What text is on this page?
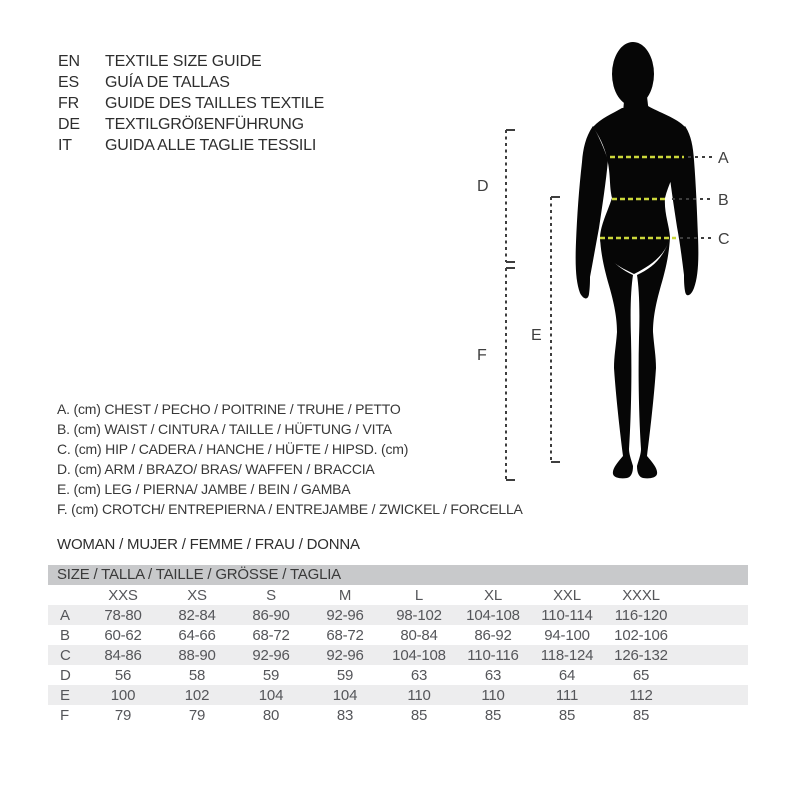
EN	TEXTILE SIZE GUIDE
ES	GUÍA DE TALLAS
FR	GUIDE DES TAILLES TEXTILE
DE	TEXTILGRÖßENFÜHRUNG
IT	GUIDA ALLE TAGLIE TESSILI
A
B
C
D
F
E
A. (cm) CHEST / PECHO / POITRINE / TRUHE / PETTO
B. (cm) WAIST / CINTURA / TAILLE / HÜFTUNG / VITA
C. (cm) HIP / CADERA / HANCHE / HÜFTE / HIPSD. (cm)
D. (cm) ARM / BRAZO/ BRAS/ WAFFEN / BRACCIA
E. (cm) LEG / PIERNA/ JAMBE / BEIN / GAMBA
F. (cm) CROTCH/ ENTREPIERNA / ENTREJAMBE / ZWICKEL / FORCELLA
WOMAN / MUJER / FEMME / FRAU / DONNA
SIZE / TALLA / TAILLE / GRÖSSE / TAGLIA
	XXS	XS	S	M	L	XL	XXL	XXXL	
A	78-80	82-84	86-90	92-96	98-102	104-108	110-114	116-120	
B	60-62	64-66	68-72	68-72	80-84	86-92	94-100	102-106	
C	84-86	88-90	92-96	92-96	104-108	110-116	118-124	126-132	
D	56	58	59	59	63	63	64	65	
E	100	102	104	104	110	110	111	112	
F	79	79	80	83	85	85	85	85	
